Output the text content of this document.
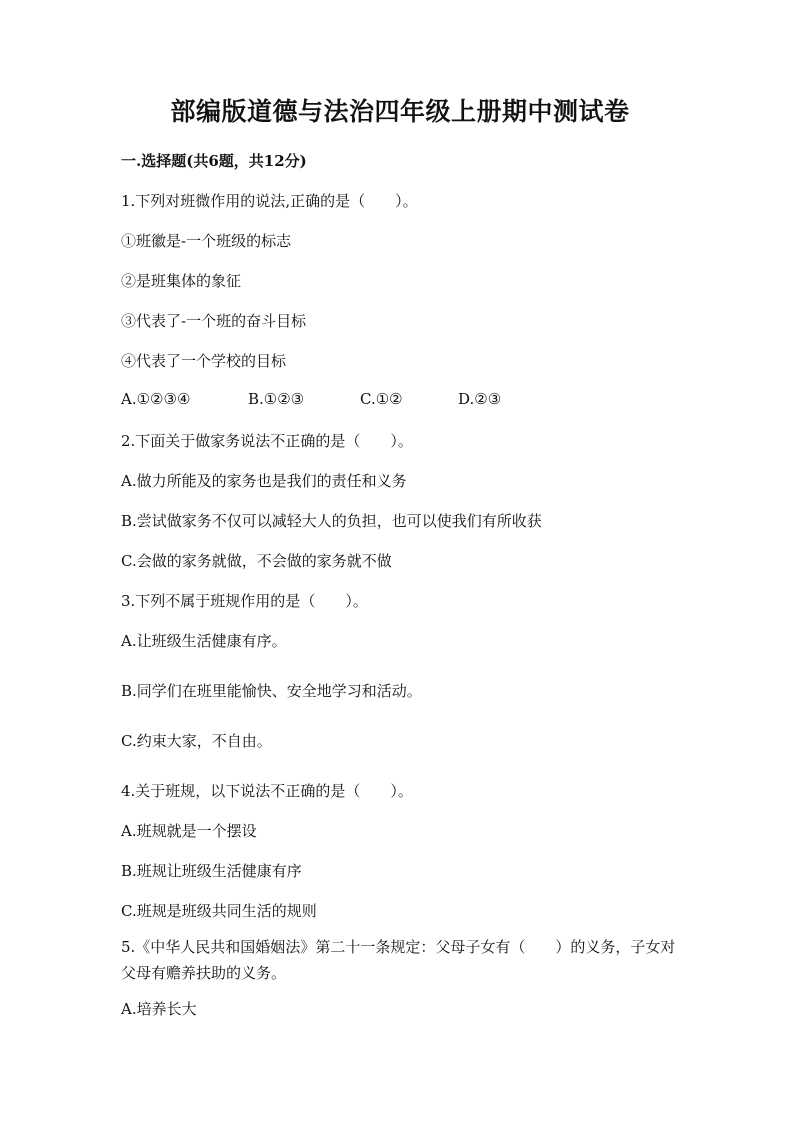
部编版道德与法治四年级上册期中测试卷
一.选择题(共6题，共12分)
1.下列对班微作用的说法,正确的是（　　）。
①班徽是-一个班级的标志
②是班集体的象征
③代表了-一个班的奋斗目标
④代表了一个学校的目标
A.①②③④	B.①②③	C.①②	D.②③
2.下面关于做家务说法不正确的是（　　）。
A.做力所能及的家务也是我们的责任和义务
B.尝试做家务不仅可以减轻大人的负担，也可以使我们有所收获
C.会做的家务就做，不会做的家务就不做
3.下列不属于班规作用的是（　　）。
A.让班级生活健康有序。
B.同学们在班里能愉快、安全地学习和活动。
C.约束大家，不自由。
4.关于班规，以下说法不正确的是（　　）。
A.班规就是一个摆设
B.班规让班级生活健康有序
C.班规是班级共同生活的规则
5.《中华人民共和国婚姻法》第二十一条规定：父母子女有（　　）的义务，子女对父母有赡养扶助的义务。
A.培养长大
